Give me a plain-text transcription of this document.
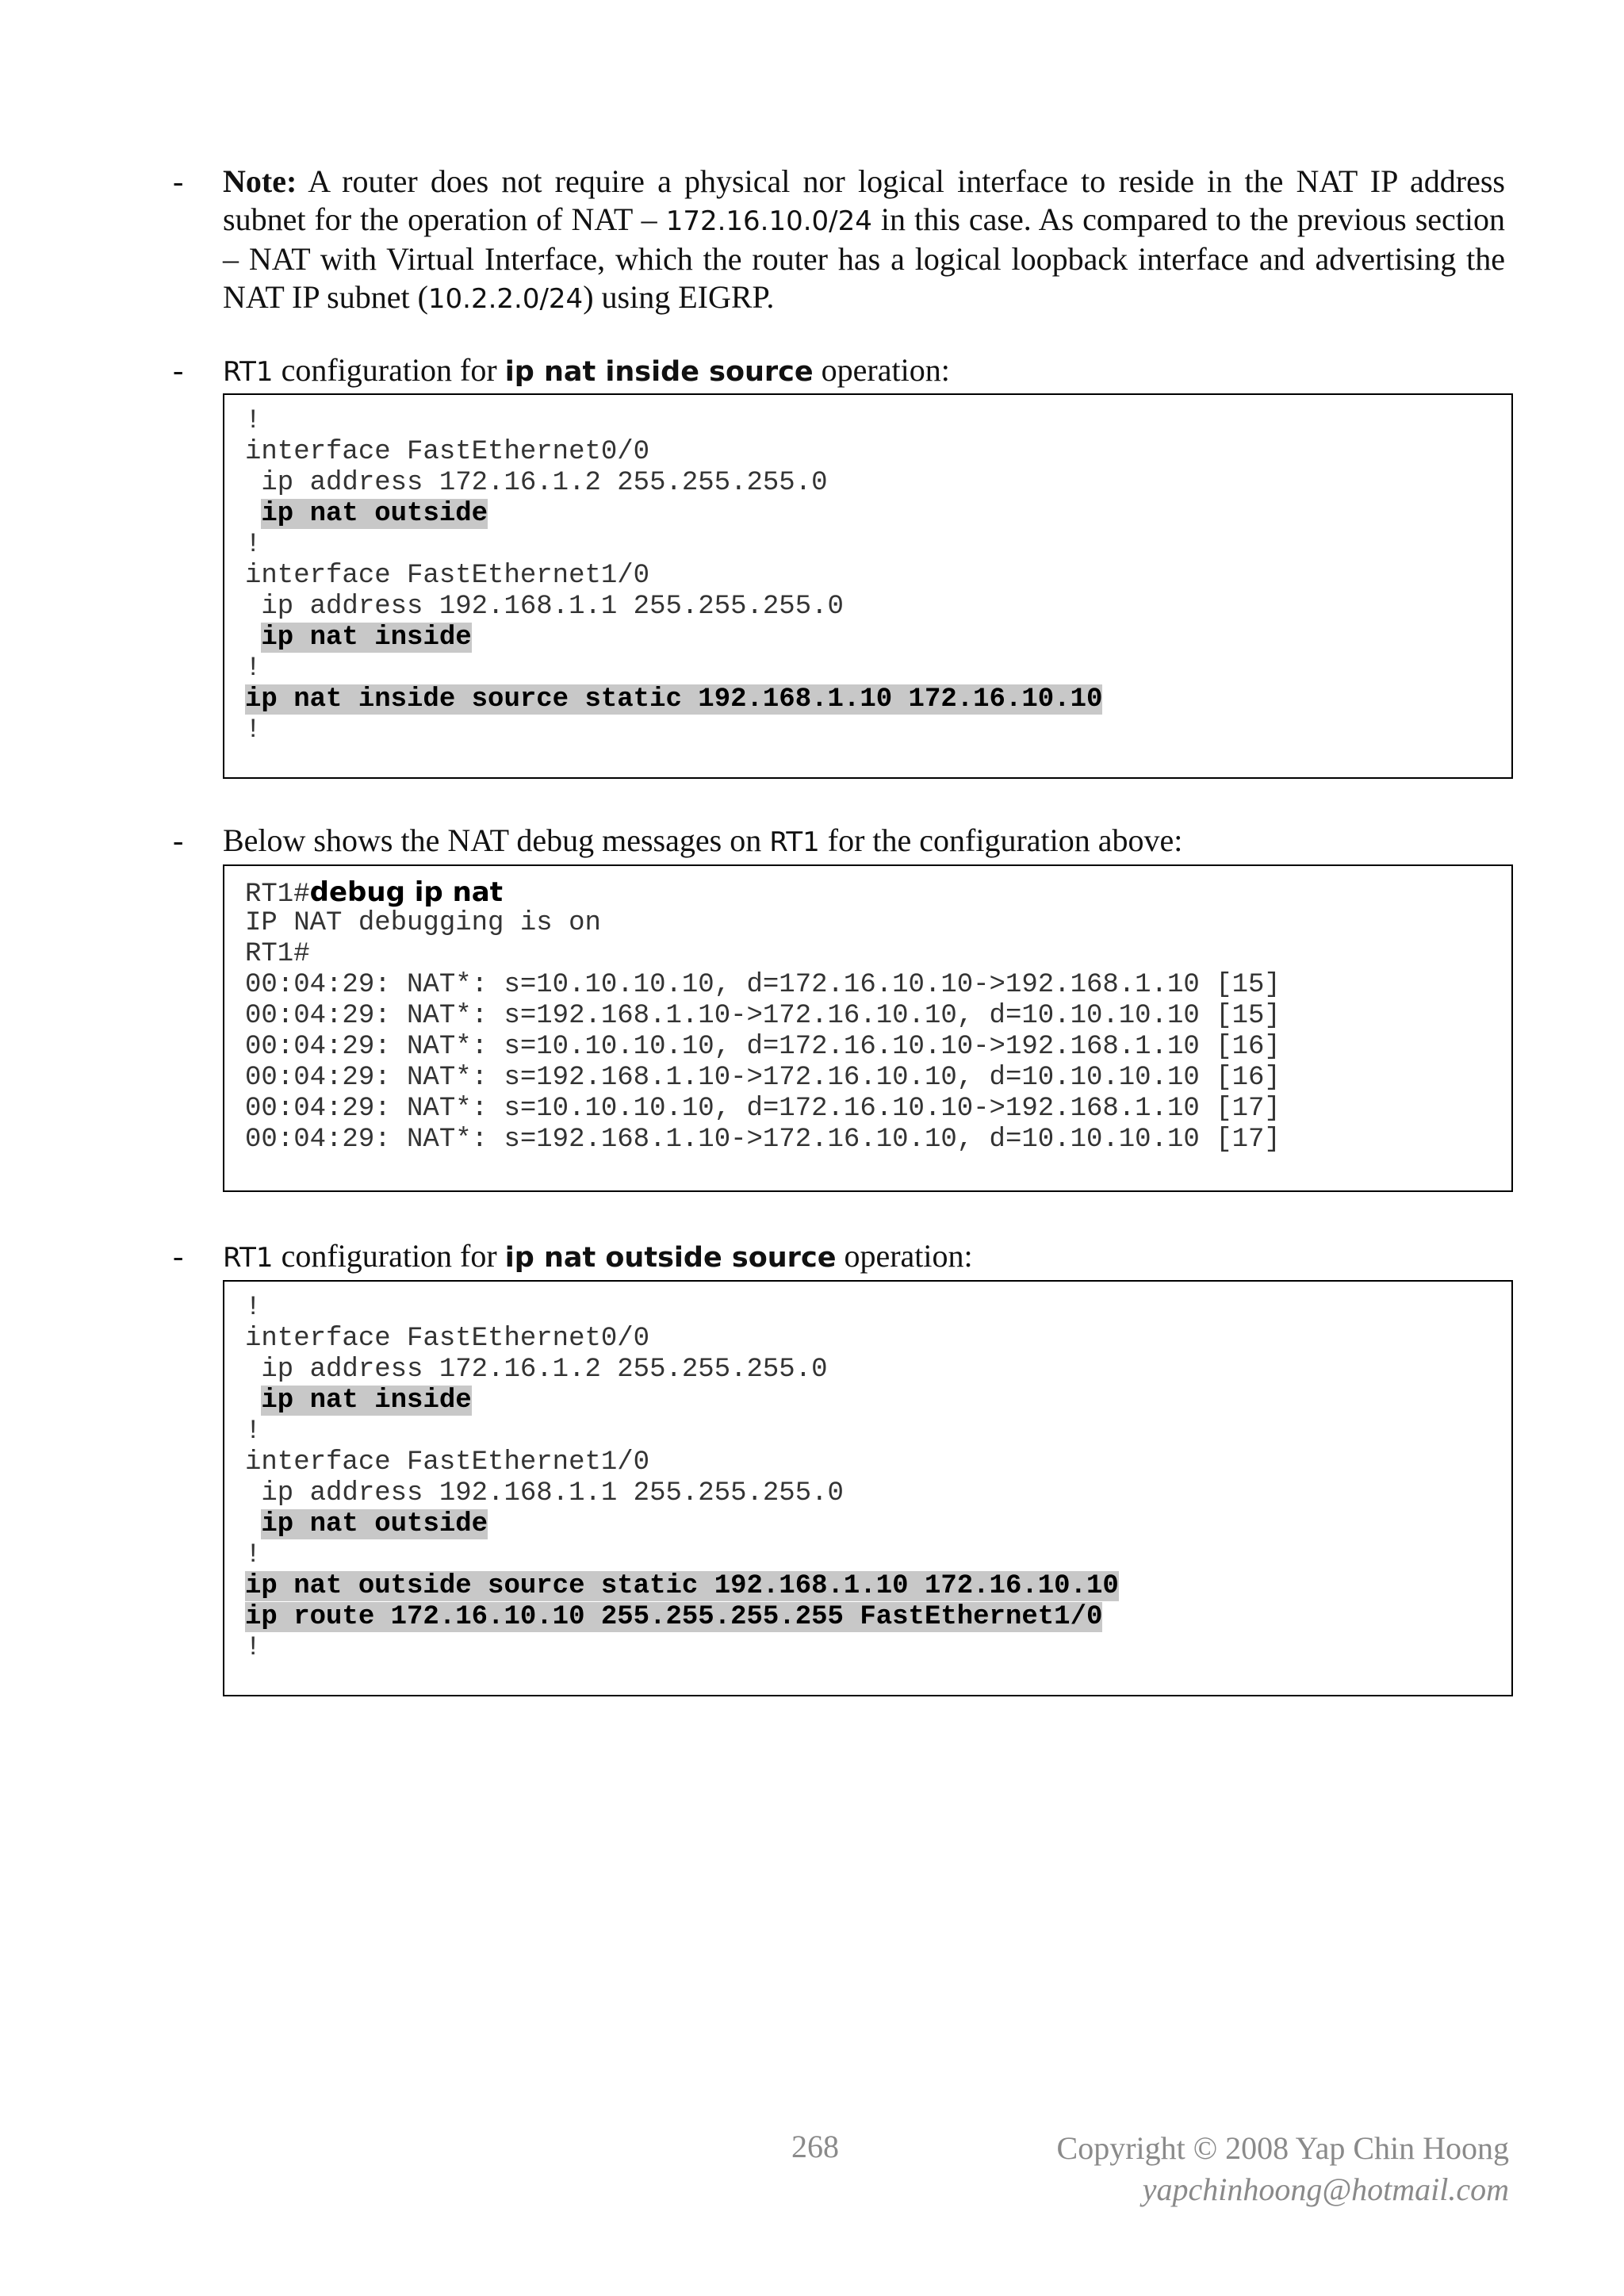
- Note: A router does not require a physical nor logical interface to reside in the NAT IP address subnet for the operation of NAT – 172.16.10.0/24 in this case. As compared to the previous section – NAT with Virtual Interface, which the router has a logical loopback interface and advertising the NAT IP subnet (10.2.2.0/24) using EIGRP.
- RT1 configuration for ip nat inside source operation:
!
interface FastEthernet0/0
ip address 172.16.1.2 255.255.255.0
ip nat outside
!
interface FastEthernet1/0
ip address 192.168.1.1 255.255.255.0
ip nat inside
!
ip nat inside source static 192.168.1.10 172.16.10.10
!
- Below shows the NAT debug messages on RT1 for the configuration above:
RT1#debug ip nat
IP NAT debugging is on
RT1#
00:04:29: NAT*: s=10.10.10.10, d=172.16.10.10->192.168.1.10 [15]
00:04:29: NAT*: s=192.168.1.10->172.16.10.10, d=10.10.10.10 [15]
00:04:29: NAT*: s=10.10.10.10, d=172.16.10.10->192.168.1.10 [16]
00:04:29: NAT*: s=192.168.1.10->172.16.10.10, d=10.10.10.10 [16]
00:04:29: NAT*: s=10.10.10.10, d=172.16.10.10->192.168.1.10 [17]
00:04:29: NAT*: s=192.168.1.10->172.16.10.10, d=10.10.10.10 [17]
- RT1 configuration for ip nat outside source operation:
!
interface FastEthernet0/0
ip address 172.16.1.2 255.255.255.0
ip nat inside
!
interface FastEthernet1/0
ip address 192.168.1.1 255.255.255.0
ip nat outside
!
ip nat outside source static 192.168.1.10 172.16.10.10
ip route 172.16.10.10 255.255.255.255 FastEthernet1/0
!
268	Copyright © 2008 Yap Chin Hoong
yapchinhoong@hotmail.com
